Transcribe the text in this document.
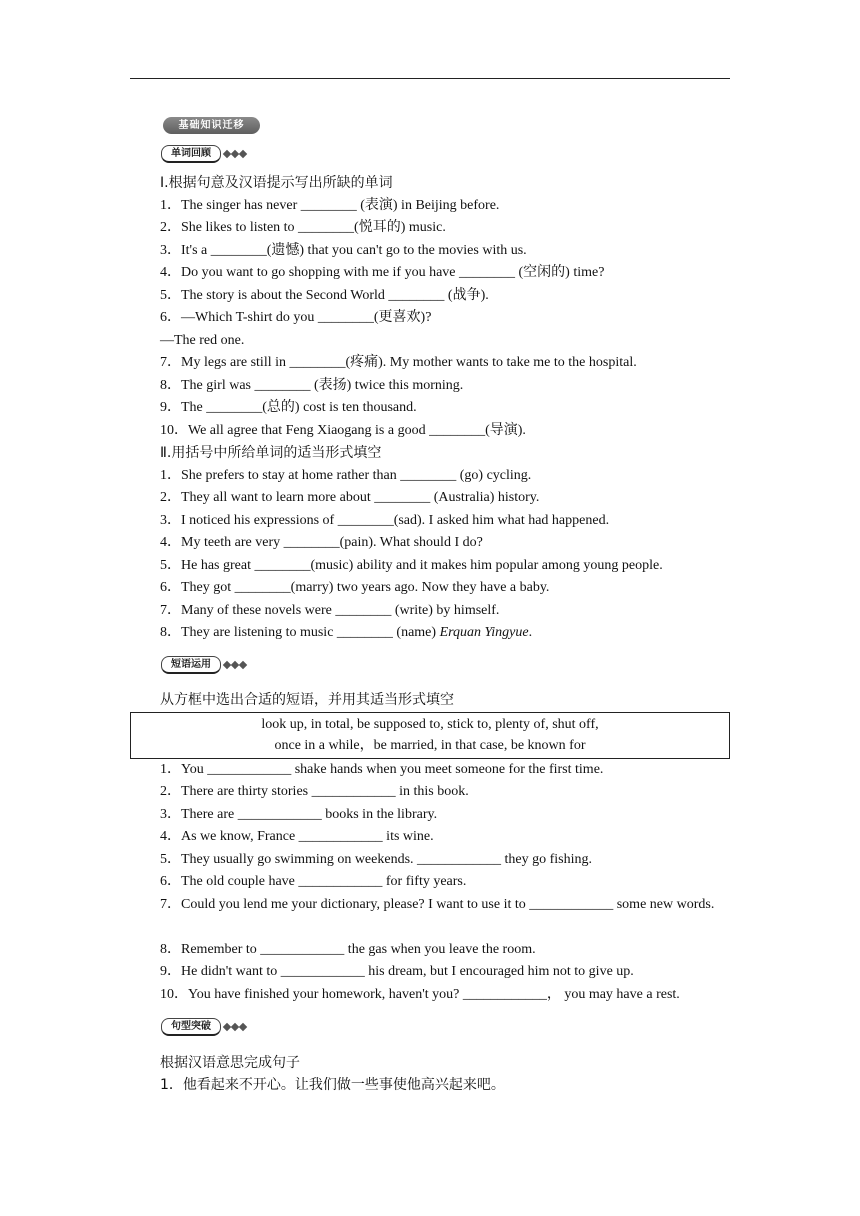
基础知识迁移
单词回顾
Ⅰ.根据句意及汉语提示写出所缺的单词
1．The singer has never ________ (表演) in Beijing before.
2．She likes to listen to ________(悦耳的) music.
3．It's a ________(遗憾) that you can't go to the movies with us.
4．Do you want to go shopping with me if you have ________ (空闲的) time?
5．The story is about the Second World ________ (战争).
6．—Which T-shirt do you ________(更喜欢)?
—The red one.
7．My legs are still in ________(疼痛). My mother wants to take me to the hospital.
8．The girl was ________ (表扬) twice this morning.
9．The ________(总的) cost is ten thousand.
10．We all agree that Feng Xiaogang is a good ________(导演).
Ⅱ.用括号中所给单词的适当形式填空
1．She prefers to stay at home rather than ________ (go) cycling.
2．They all want to learn more about ________ (Australia) history.
3．I noticed his expressions of ________(sad). I asked him what had happened.
4．My teeth are very ________(pain). What should I do?
5．He has great ________(music) ability and it makes him popular among young people.
6．They got ________(marry) two years ago. Now they have a baby.
7．Many of these novels were ________ (write) by himself.
8．They are listening to music ________ (name) Erquan Yingyue.
短语运用
从方框中选出合适的短语，并用其适当形式填空
look up, in total, be supposed to, stick to, plenty of, shut off,
once in a while，be married, in that case, be known for
1．You ____________ shake hands when you meet someone for the first time.
2．There are thirty stories ____________ in this book.
3．There are ____________ books in the library.
4．As we know, France ____________ its wine.
5．They usually go swimming on weekends. ____________ they go fishing.
6．The old couple have ____________ for fifty years.
7．Could you lend me your dictionary, please? I want to use it to ____________ some new words.
8．Remember to ____________ the gas when you leave the room.
9．He didn't want to ____________ his dream, but I encouraged him not to give up.
10．You have finished your homework, haven't you? ____________， you may have a rest.
句型突破
根据汉语意思完成句子
1．他看起来不开心。让我们做一些事使他高兴起来吧。
